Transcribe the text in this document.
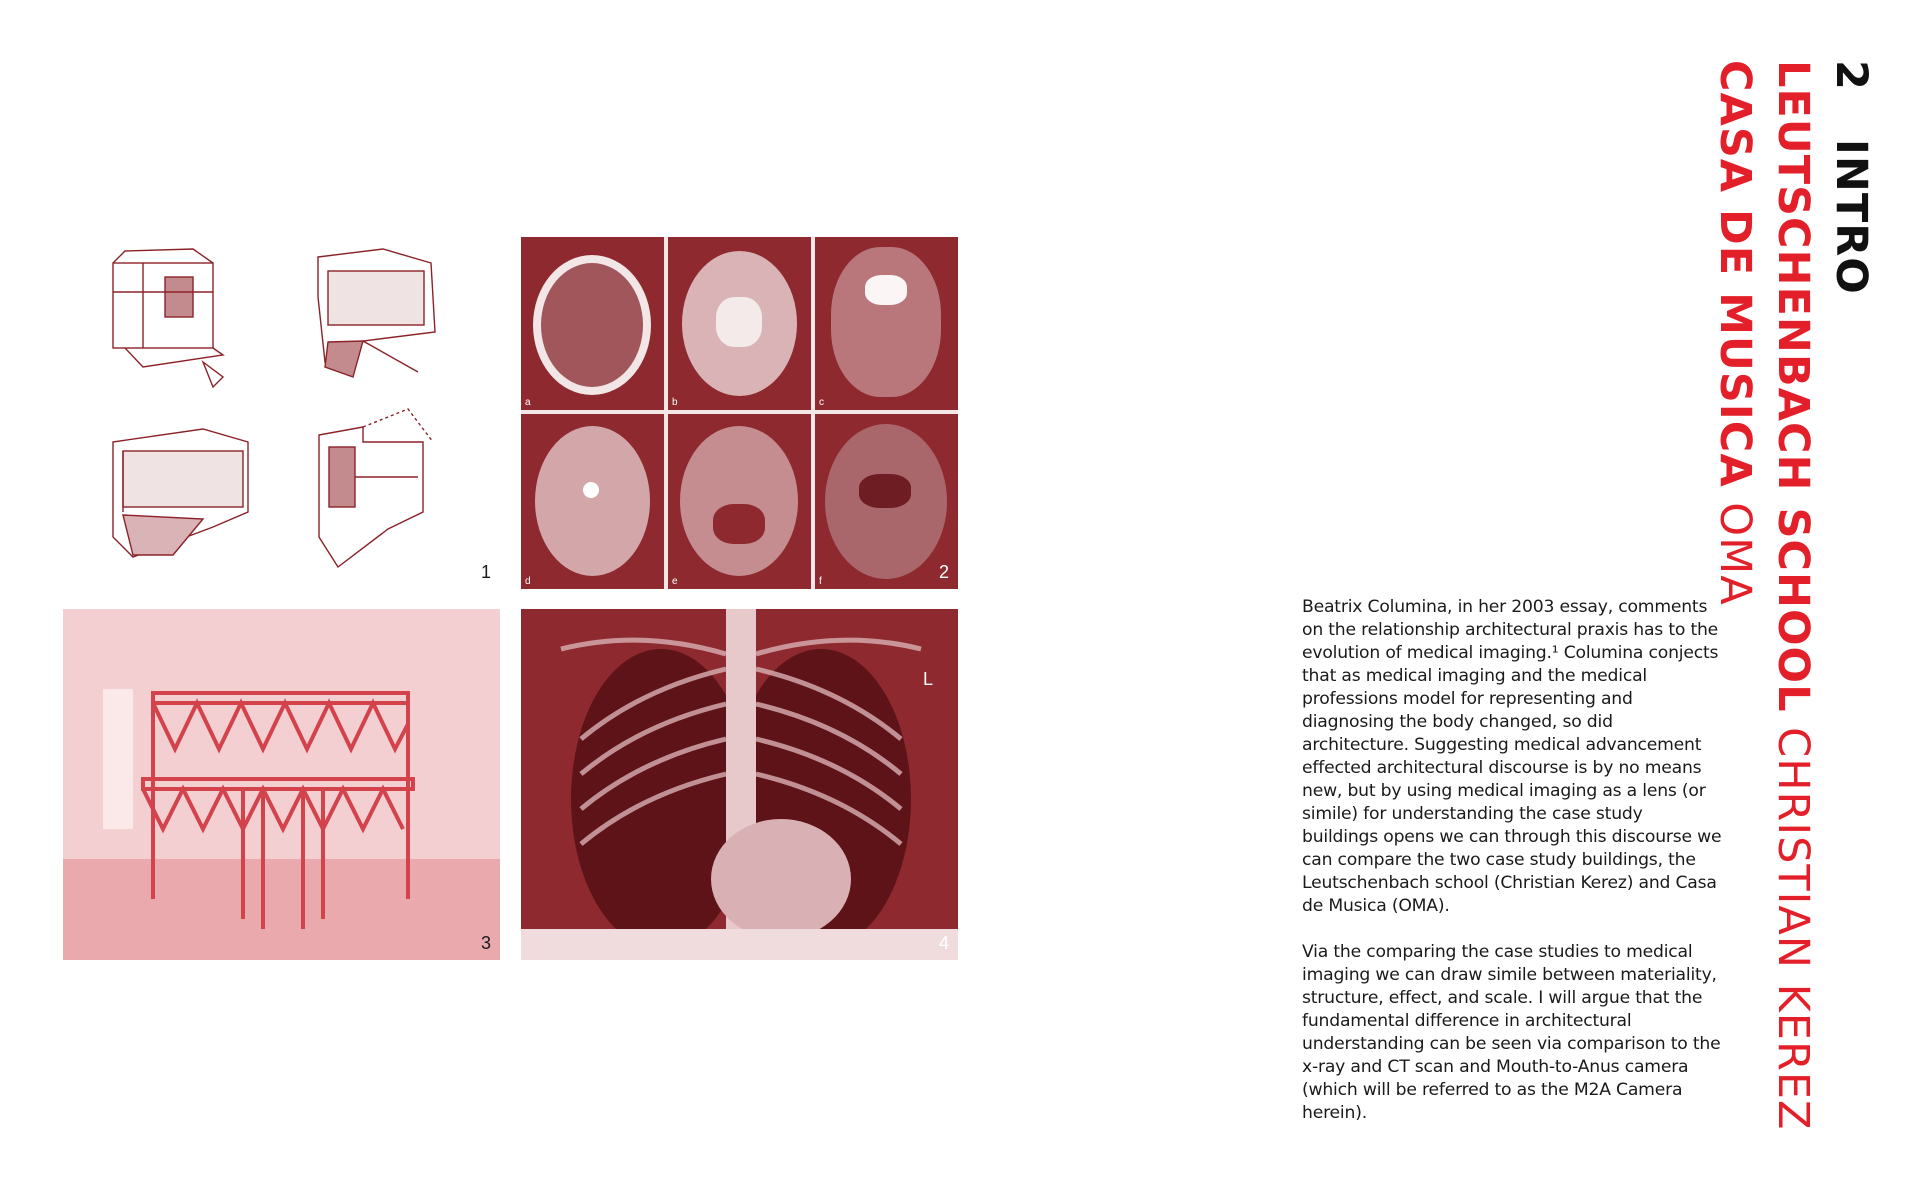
1
a	b	c
d	e	f	2
3
L
4

Beatrix Columina, in her 2003 essay, comments on the relationship architectural praxis has to the evolution of medical imaging.¹ Columina conjects that as medical imaging and the medical professions model for representing and diagnosing the body changed, so did architecture. Suggesting medical advancement effected architectural discourse is by no means new, but by using medical imaging as a lens (or simile) for understanding the case study buildings opens we can through this discourse we can compare the two case study buildings, the Leutschenbach school (Christian Kerez) and Casa de Musica (OMA).

Via the comparing the case studies to medical imaging we can draw simile between materiality, structure, effect, and scale. I will argue that the fundamental difference in architectural understanding can be seen via comparison to the x-ray and CT scan and Mouth-to-Anus camera (which will be referred to as the M2A Camera herein).

2   INTRO
LEUTSCHENBACH SCHOOL CHRISTIAN KEREZ
CASA DE MUSICA OMA
